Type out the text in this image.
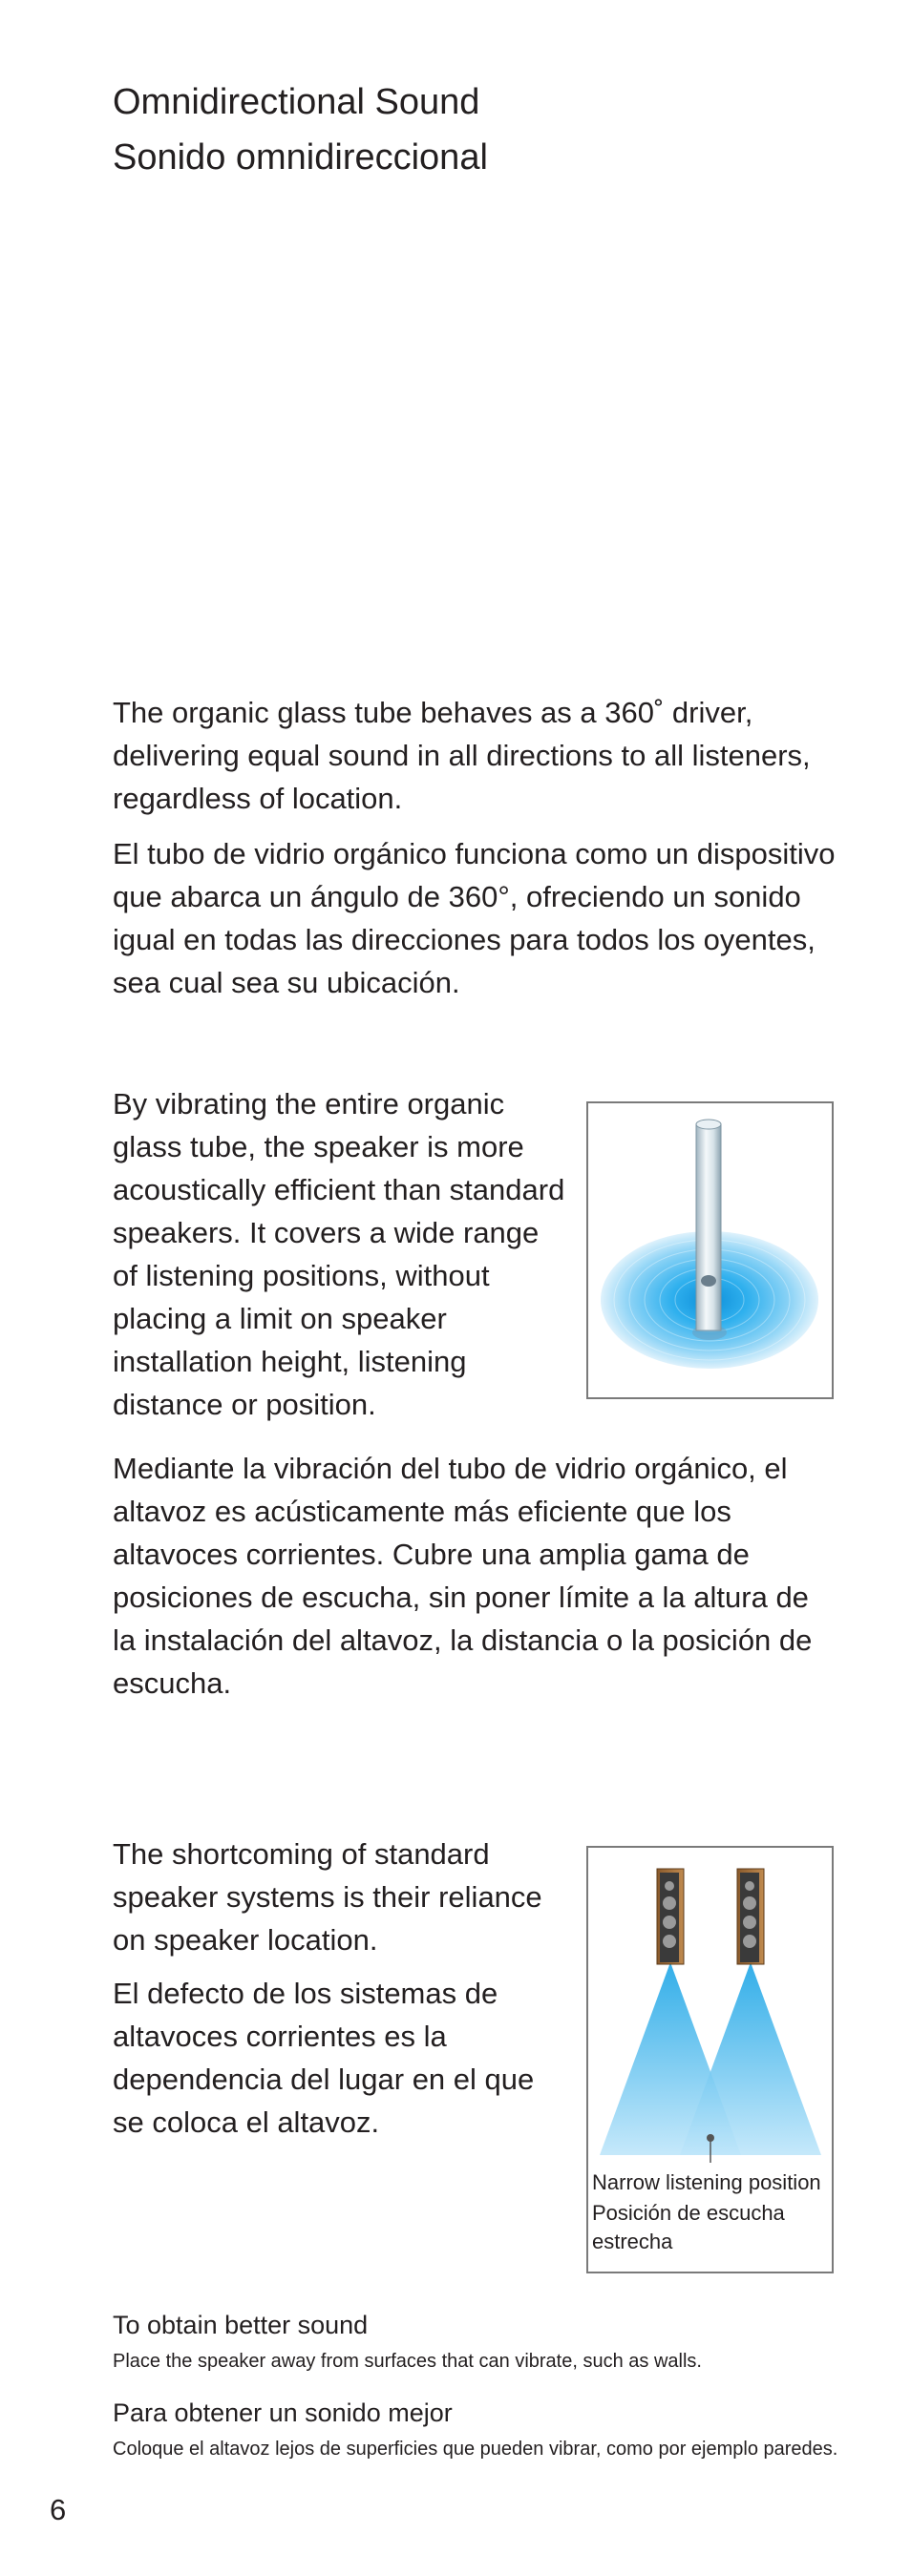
Omnidirectional Sound
Sonido omnidireccional

The organic glass tube behaves as a 360˚ driver, delivering equal sound in all directions to all listeners, regardless of location.

El tubo de vidrio orgánico funciona como un dispositivo que abarca un ángulo de 360°, ofreciendo un sonido igual en todas las direcciones para todos los oyentes, sea cual sea su ubicación.

By vibrating the entire organic glass tube, the speaker is more acoustically efficient than standard speakers. It covers a wide range of listening positions, without placing a limit on speaker installation height, listening distance or position.

Mediante la vibración del tubo de vidrio orgánico, el altavoz es acústicamente más eficiente que los altavoces corrientes. Cubre una amplia gama de posiciones de escucha, sin poner límite a la altura de la instalación del altavoz, la distancia o la posición de escucha.

The shortcoming of standard speaker systems is their reliance on speaker location.

El defecto de los sistemas de altavoces corrientes es la dependencia del lugar en el que se coloca el altavoz.

Narrow listening position
Posición de escucha estrecha
To obtain better sound
Place the speaker away from surfaces that can vibrate, such as walls.
Para obtener un sonido mejor
Coloque el altavoz lejos de superficies que pueden vibrar, como por ejemplo paredes.
6
